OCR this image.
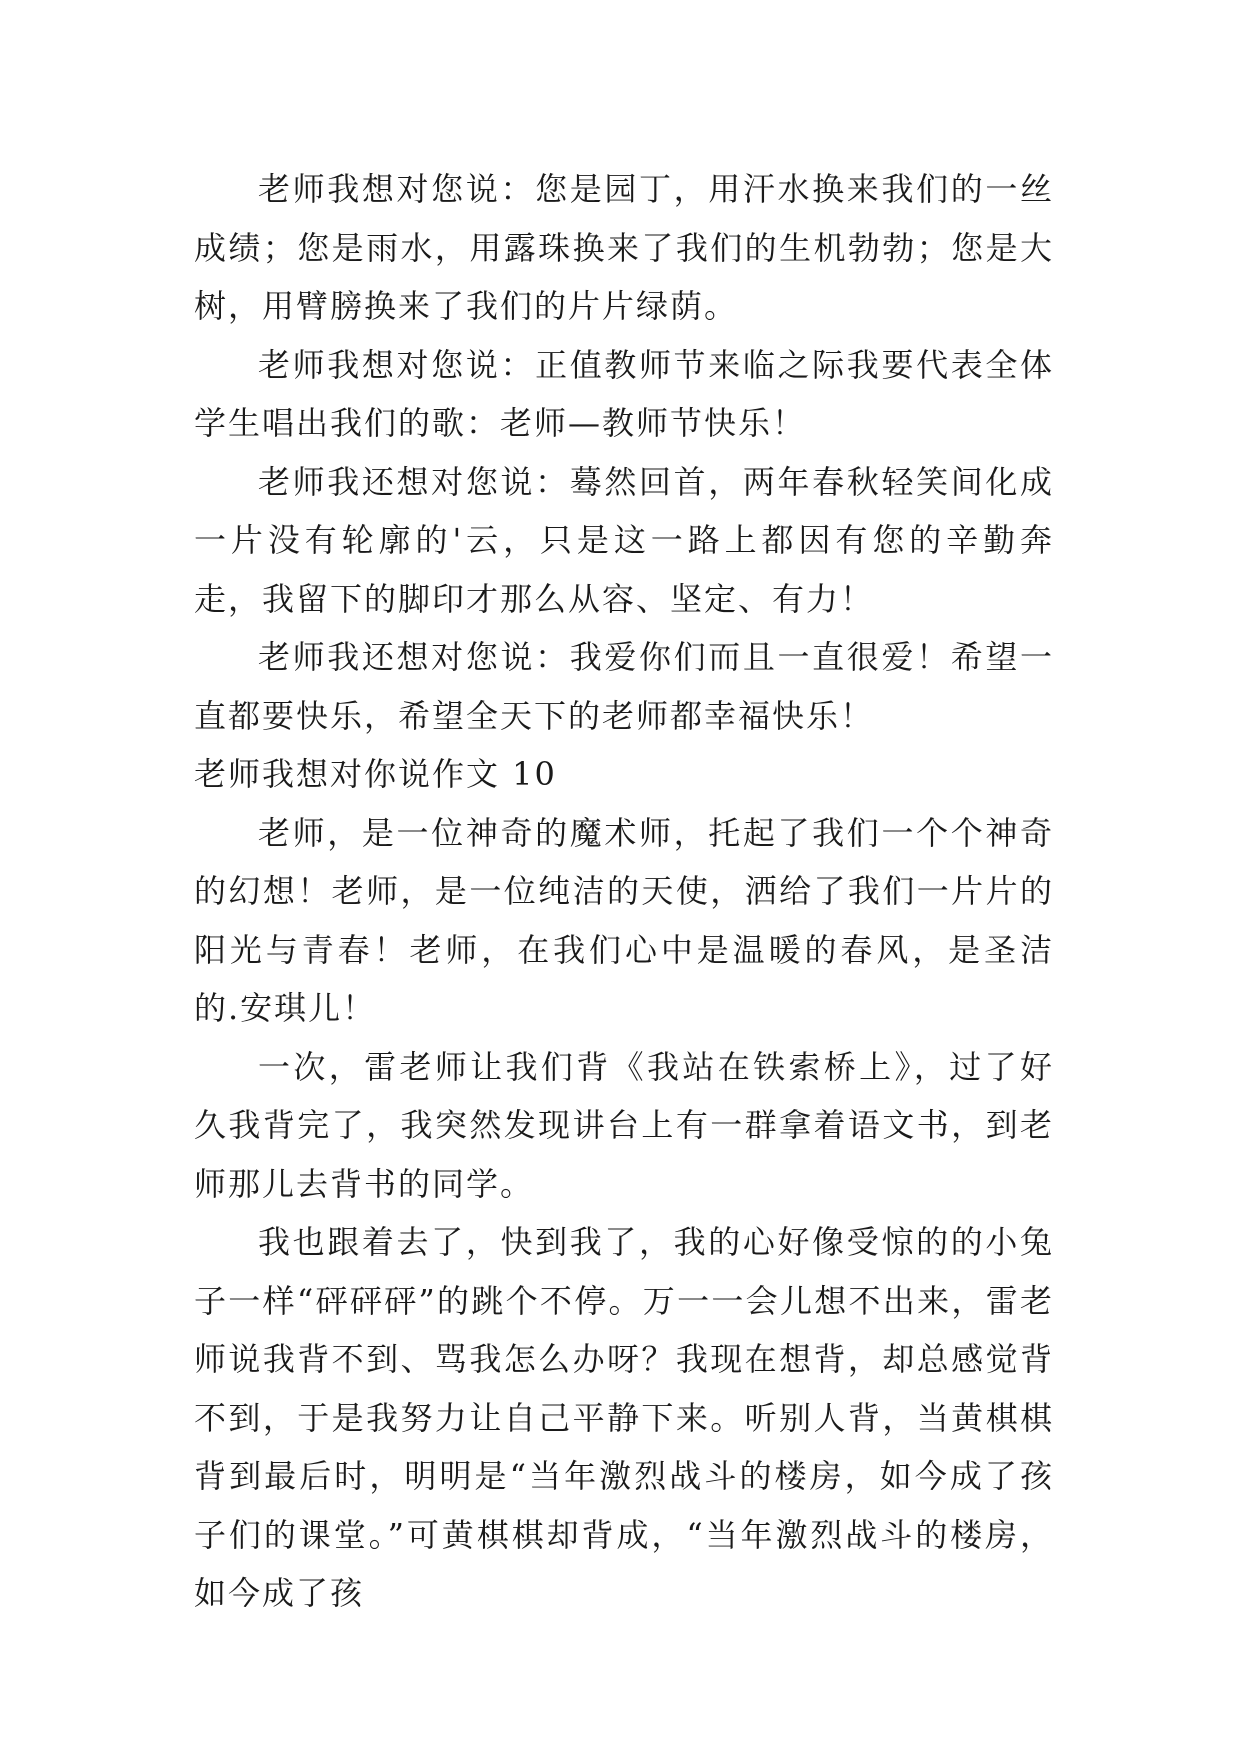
老师我想对您说：您是园丁，用汗水换来我们的一丝成绩；您是雨水，用露珠换来了我们的生机勃勃；您是大树，用臂膀换来了我们的片片绿荫。

老师我想对您说：正值教师节来临之际我要代表全体学生唱出我们的歌：老师—教师节快乐！

老师我还想对您说：蓦然回首，两年春秋轻笑间化成一片没有轮廓的'云，只是这一路上都因有您的辛勤奔走，我留下的脚印才那么从容、坚定、有力！

老师我还想对您说：我爱你们而且一直很爱！希望一直都要快乐，希望全天下的老师都幸福快乐！

老师我想对你说作文 10

老师，是一位神奇的魔术师，托起了我们一个个神奇的幻想！老师，是一位纯洁的天使，洒给了我们一片片的阳光与青春！老师，在我们心中是温暖的春风，是圣洁的.安琪儿！

一次，雷老师让我们背《我站在铁索桥上》，过了好久我背完了，我突然发现讲台上有一群拿着语文书，到老师那儿去背书的同学。

我也跟着去了，快到我了，我的心好像受惊的的小兔子一样“砰砰砰”的跳个不停。万一一会儿想不出来，雷老师说我背不到、骂我怎么办呀？我现在想背，却总感觉背不到，于是我努力让自己平静下来。听别人背，当黄棋棋背到最后时，明明是“当年激烈战斗的楼房，如今成了孩子们的课堂。”可黄棋棋却背成，“当年激烈战斗的楼房，如今成了孩
